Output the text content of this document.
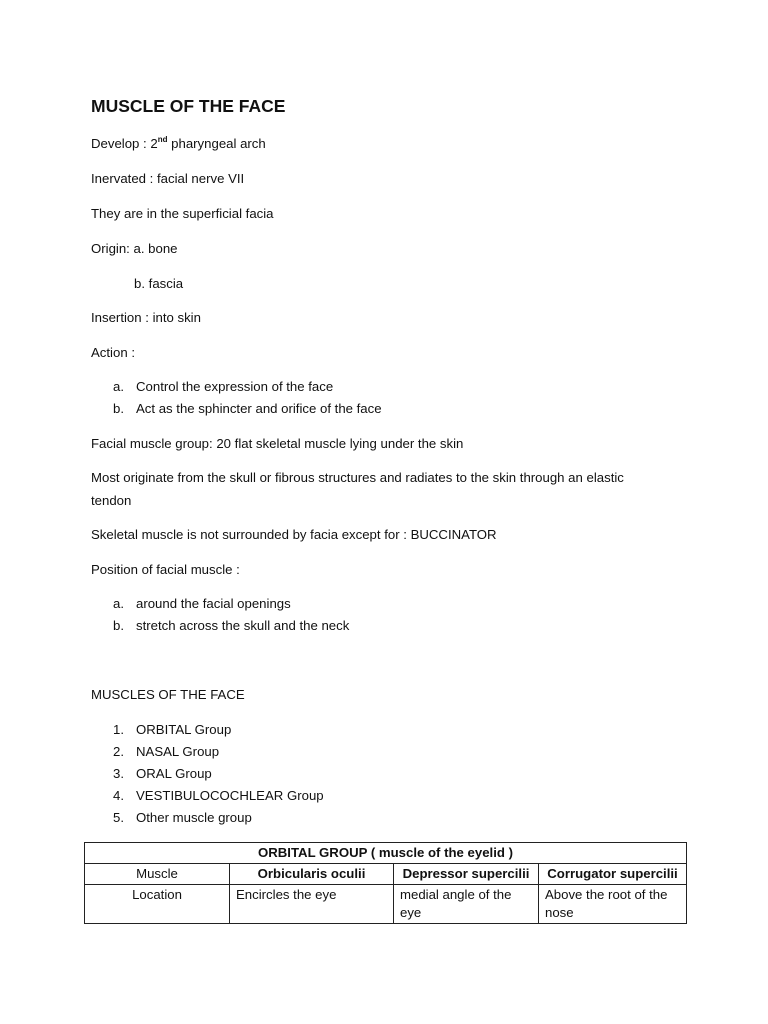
MUSCLE OF THE FACE
Develop : 2nd pharyngeal arch
Inervated : facial nerve VII
They are in the superficial facia
Origin: a. bone
b. fascia
Insertion : into skin
Action :
a. Control the expression of the face
b. Act as the sphincter and orifice of the face
Facial muscle group: 20 flat skeletal muscle lying under the skin
Most originate from the skull or fibrous structures and radiates to the skin through an elastic
tendon
Skeletal muscle is not surrounded by facia except for : BUCCINATOR
Position of facial muscle :
a. around the facial openings
b. stretch across the skull and the neck
MUSCLES OF THE FACE
1. ORBITAL Group
2. NASAL Group
3. ORAL Group
4. VESTIBULOCOCHLEAR Group
5. Other muscle group
ORBITAL GROUP ( muscle of the eyelid )			
Muscle	Orbicularis oculii	Depressor supercilii	Corrugator supercilii
Location	Encircles the eye	medial angle of the eye	Above the root of the nose
